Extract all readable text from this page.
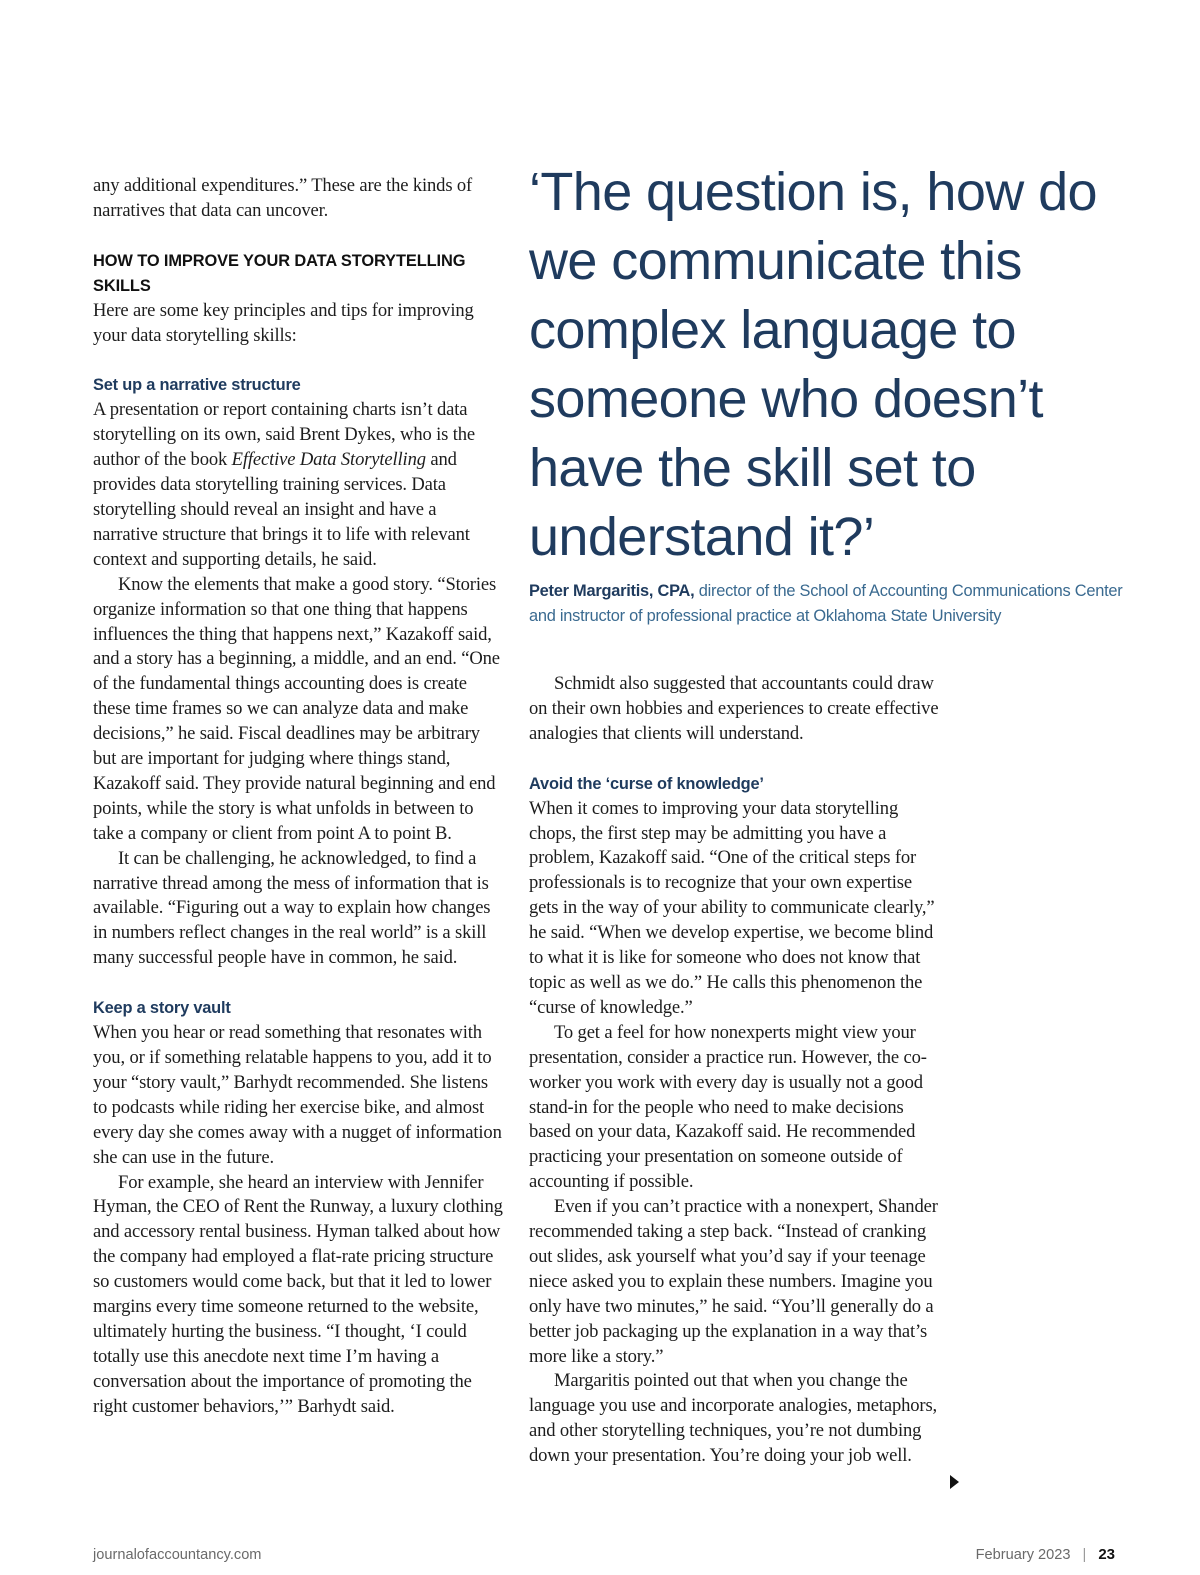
any additional expenditures.” These are the kinds of narratives that data can uncover.

HOW TO IMPROVE YOUR DATA STORYTELLING SKILLS

Here are some key principles and tips for improving your data storytelling skills:

Set up a narrative structure

A presentation or report containing charts isn’t data storytelling on its own, said Brent Dykes, who is the author of the book Effective Data Storytelling and provides data storytelling training services. Data storytelling should reveal an insight and have a narrative structure that brings it to life with relevant context and supporting details, he said.

Know the elements that make a good story. “Stories organize information so that one thing that happens influences the thing that happens next,” Kazakoff said, and a story has a beginning, a middle, and an end. “One of the fundamental things accounting does is create these time frames so we can analyze data and make decisions,” he said. Fiscal deadlines may be arbitrary but are important for judging where things stand, Kazakoff said. They provide natural beginning and end points, while the story is what unfolds in between to take a company or client from point A to point B.

It can be challenging, he acknowledged, to find a narrative thread among the mess of information that is available. “Figuring out a way to explain how changes in numbers reflect changes in the real world” is a skill many successful people have in common, he said.

Keep a story vault

When you hear or read something that resonates with you, or if something relatable happens to you, add it to your “story vault,” Barhydt recommended. She listens to podcasts while riding her exercise bike, and almost every day she comes away with a nugget of information she can use in the future.

For example, she heard an interview with Jennifer Hyman, the CEO of Rent the Runway, a luxury clothing and accessory rental business. Hyman talked about how the company had employed a flat-rate pricing structure so customers would come back, but that it led to lower margins every time someone returned to the website, ultimately hurting the business. “I thought, ‘I could totally use this anecdote next time I’m having a conversation about the importance of promoting the right customer behaviors,’” Barhydt said.

‘The question is, how do we communicate this complex language to someone who doesn’t have the skill set to understand it?’
Peter Margaritis, CPA, director of the School of Accounting Communications Center and instructor of professional practice at Oklahoma State University

Schmidt also suggested that accountants could draw on their own hobbies and experiences to create effective analogies that clients will understand.

Avoid the ‘curse of knowledge’

When it comes to improving your data storytelling chops, the first step may be admitting you have a problem, Kazakoff said. “One of the critical steps for professionals is to recognize that your own expertise gets in the way of your ability to communicate clearly,” he said. “When we develop expertise, we become blind to what it is like for someone who does not know that topic as well as we do.” He calls this phenomenon the “curse of knowledge.”

To get a feel for how nonexperts might view your presentation, consider a practice run. However, the co-worker you work with every day is usually not a good stand-in for the people who need to make decisions based on your data, Kazakoff said. He recommended practicing your presentation on someone outside of accounting if possible.

Even if you can’t practice with a nonexpert, Shander recommended taking a step back. “Instead of cranking out slides, ask yourself what you’d say if your teenage niece asked you to explain these numbers. Imagine you only have two minutes,” he said. “You’ll generally do a better job packaging up the explanation in a way that’s more like a story.”

Margaritis pointed out that when you change the language you use and incorporate analogies, metaphors, and other storytelling techniques, you’re not dumbing down your presentation. You’re doing your job well.

journalofaccountancy.com	February 2023 | 23
